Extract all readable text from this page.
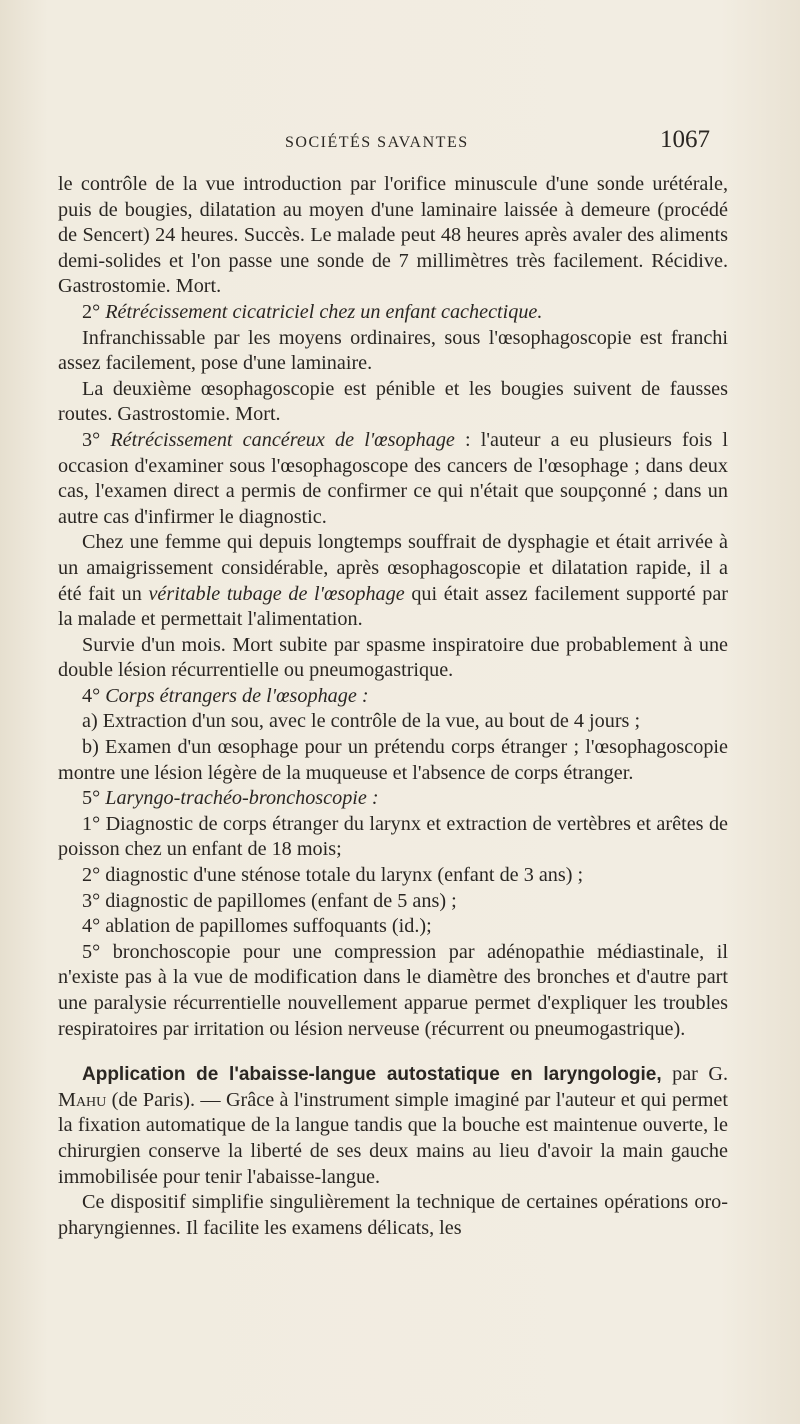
SOCIÉTÉS SAVANTES	1067

le contrôle de la vue introduction par l'orifice minuscule d'une sonde urétérale, puis de bougies, dilatation au moyen d'une laminaire laissée à demeure (procédé de Sencert) 24 heures. Succès. Le malade peut 48 heures après avaler des aliments demi-solides et l'on passe une sonde de 7 millimètres très facilement. Récidive. Gastrostomie. Mort.

2° Rétrécissement cicatriciel chez un enfant cachectique.

Infranchissable par les moyens ordinaires, sous l'œsophagoscopie est franchi assez facilement, pose d'une laminaire.

La deuxième œsophagoscopie est pénible et les bougies suivent de fausses routes. Gastrostomie. Mort.

3° Rétrécissement cancéreux de l'œsophage : l'auteur a eu plusieurs fois l occasion d'examiner sous l'œsophagoscope des cancers de l'œsophage ; dans deux cas, l'examen direct a permis de confirmer ce qui n'était que soupçonné ; dans un autre cas d'infirmer le diagnostic.

Chez une femme qui depuis longtemps souffrait de dysphagie et était arrivée à un amaigrissement considérable, après œsophagoscopie et dilatation rapide, il a été fait un véritable tubage de l'œsophage qui était assez facilement supporté par la malade et permettait l'alimentation.

Survie d'un mois. Mort subite par spasme inspiratoire due probablement à une double lésion récurrentielle ou pneumogastrique.

4° Corps étrangers de l'œsophage :

a) Extraction d'un sou, avec le contrôle de la vue, au bout de 4 jours ;

b) Examen d'un œsophage pour un prétendu corps étranger ; l'œsophagoscopie montre une lésion légère de la muqueuse et l'absence de corps étranger.

5° Laryngo-trachéo-bronchoscopie :

1° Diagnostic de corps étranger du larynx et extraction de vertèbres et arêtes de poisson chez un enfant de 18 mois;

2° diagnostic d'une sténose totale du larynx (enfant de 3 ans) ;

3° diagnostic de papillomes (enfant de 5 ans) ;

4° ablation de papillomes suffoquants (id.);

5° bronchoscopie pour une compression par adénopathie médiastinale, il n'existe pas à la vue de modification dans le diamètre des bronches et d'autre part une paralysie récurrentielle nouvellement apparue permet d'expliquer les troubles respiratoires par irritation ou lésion nerveuse (récurrent ou pneumogastrique).

Application de l'abaisse-langue autostatique en laryngologie, par G. Mahu (de Paris). — Grâce à l'instrument simple imaginé par l'auteur et qui permet la fixation automatique de la langue tandis que la bouche est maintenue ouverte, le chirurgien conserve la liberté de ses deux mains au lieu d'avoir la main gauche immobilisée pour tenir l'abaisse-langue.

Ce dispositif simplifie singulièrement la technique de certaines opérations oro-pharyngiennes. Il facilite les examens délicats, les
